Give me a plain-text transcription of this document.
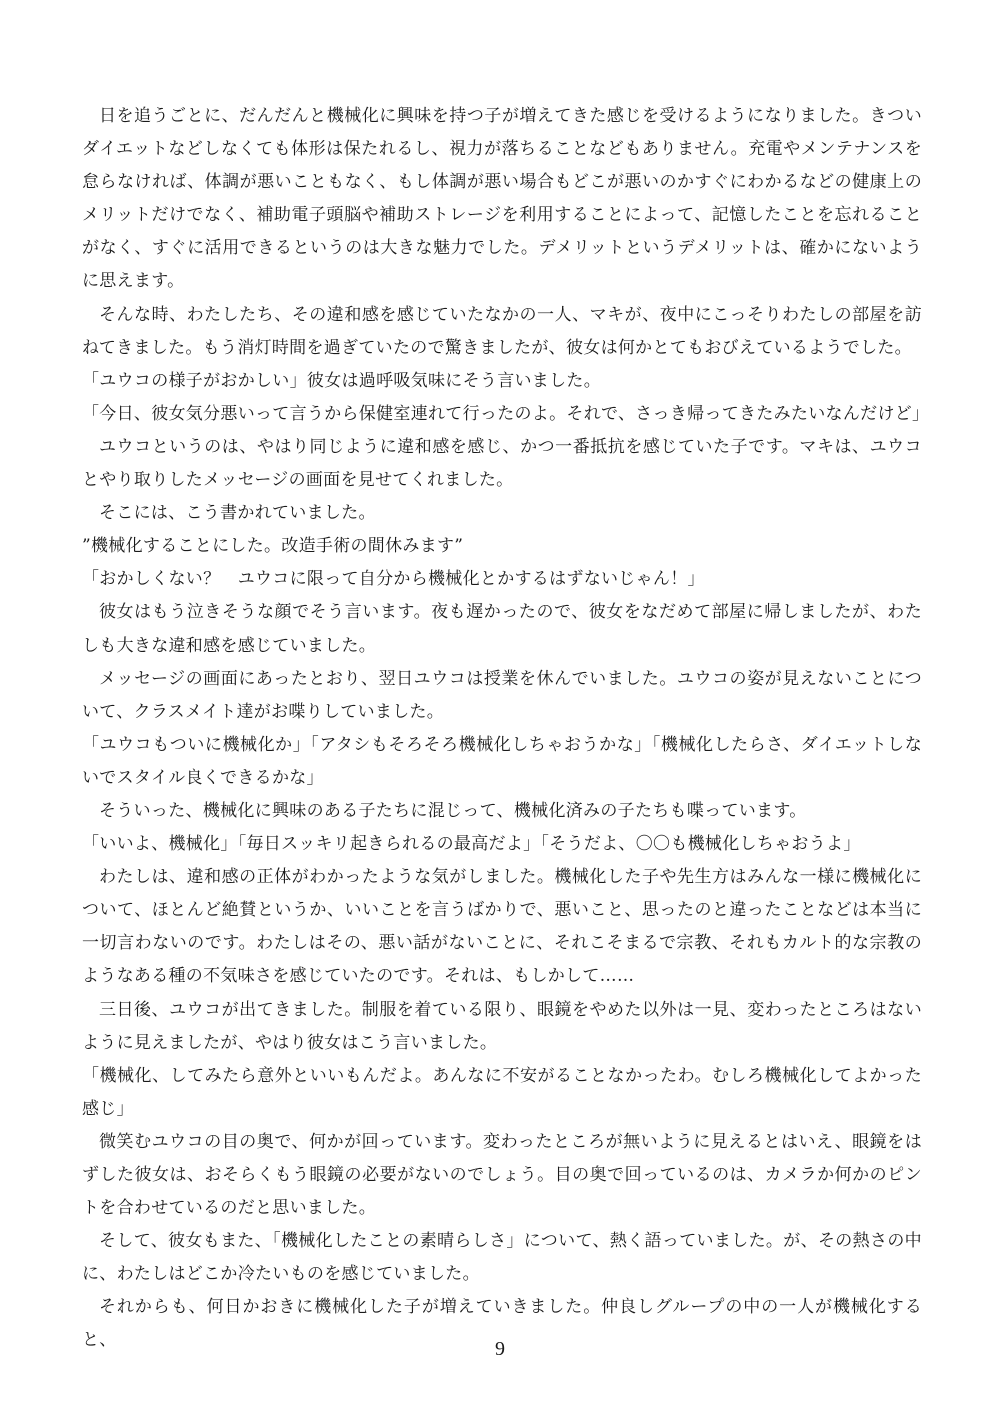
日を追うごとに、だんだんと機械化に興味を持つ子が増えてきた感じを受けるようになりました。きついダイエットなどしなくても体形は保たれるし、視力が落ちることなどもありません。充電やメンテナンスを怠らなければ、体調が悪いこともなく、もし体調が悪い場合もどこが悪いのかすぐにわかるなどの健康上のメリットだけでなく、補助電子頭脳や補助ストレージを利用することによって、記憶したことを忘れることがなく、すぐに活用できるというのは大きな魅力でした。デメリットというデメリットは、確かにないように思えます。

そんな時、わたしたち、その違和感を感じていたなかの一人、マキが、夜中にこっそりわたしの部屋を訪ねてきました。もう消灯時間を過ぎていたので驚きましたが、彼女は何かとてもおびえているようでした。

「ユウコの様子がおかしい」彼女は過呼吸気味にそう言いました。

「今日、彼女気分悪いって言うから保健室連れて行ったのよ。それで、さっき帰ってきたみたいなんだけど」

ユウコというのは、やはり同じように違和感を感じ、かつ一番抵抗を感じていた子です。マキは、ユウコとやり取りしたメッセージの画面を見せてくれました。

そこには、こう書かれていました。

”機械化することにした。改造手術の間休みます”

「おかしくない？　ユウコに限って自分から機械化とかするはずないじゃん！」

彼女はもう泣きそうな顔でそう言います。夜も遅かったので、彼女をなだめて部屋に帰しましたが、わたしも大きな違和感を感じていました。

メッセージの画面にあったとおり、翌日ユウコは授業を休んでいました。ユウコの姿が見えないことについて、クラスメイト達がお喋りしていました。

「ユウコもついに機械化か」「アタシもそろそろ機械化しちゃおうかな」「機械化したらさ、ダイエットしないでスタイル良くできるかな」

そういった、機械化に興味のある子たちに混じって、機械化済みの子たちも喋っています。

「いいよ、機械化」「毎日スッキリ起きられるの最高だよ」「そうだよ、〇〇も機械化しちゃおうよ」

わたしは、違和感の正体がわかったような気がしました。機械化した子や先生方はみんな一様に機械化について、ほとんど絶賛というか、いいことを言うばかりで、悪いこと、思ったのと違ったことなどは本当に一切言わないのです。わたしはその、悪い話がないことに、それこそまるで宗教、それもカルト的な宗教のようなある種の不気味さを感じていたのです。それは、もしかして……

三日後、ユウコが出てきました。制服を着ている限り、眼鏡をやめた以外は一見、変わったところはないように見えましたが、やはり彼女はこう言いました。

「機械化、してみたら意外といいもんだよ。あんなに不安がることなかったわ。むしろ機械化してよかった感じ」

微笑むユウコの目の奥で、何かが回っています。変わったところが無いように見えるとはいえ、眼鏡をはずした彼女は、おそらくもう眼鏡の必要がないのでしょう。目の奥で回っているのは、カメラか何かのピントを合わせているのだと思いました。

そして、彼女もまた、「機械化したことの素晴らしさ」について、熱く語っていました。が、その熱さの中に、わたしはどこか冷たいものを感じていました。

それからも、何日かおきに機械化した子が増えていきました。仲良しグループの中の一人が機械化すると、	9
